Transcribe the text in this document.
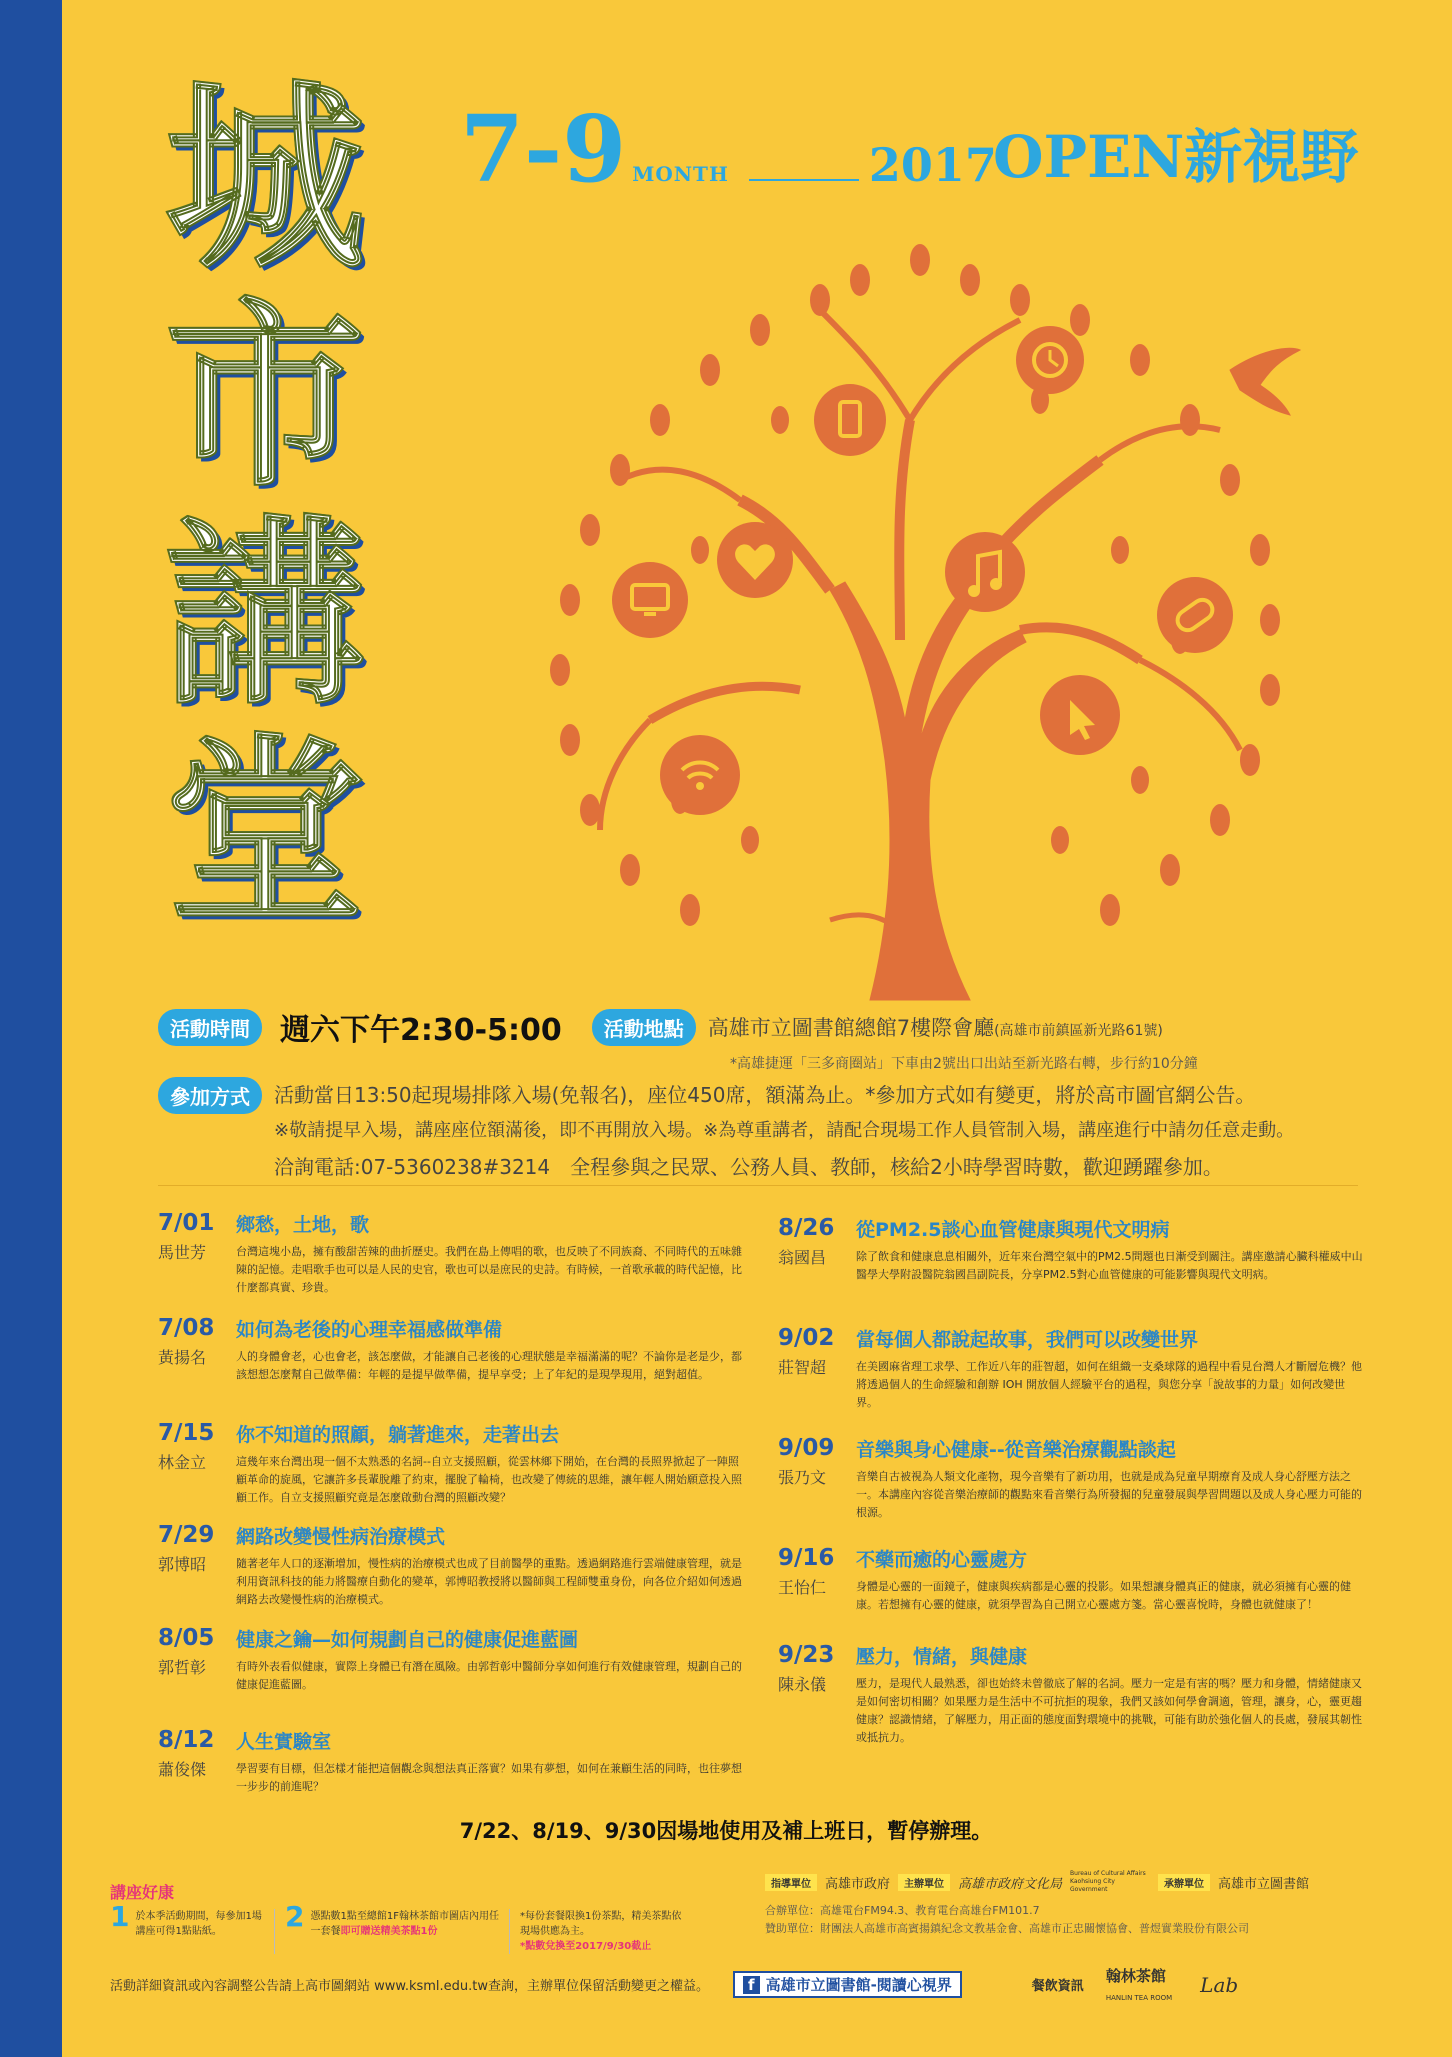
城
市
講
堂
7-9 MONTH	2017
OPEN新視野
活動時間	週六下午2:30-5:00	活動地點	高雄市立圖書館總館7樓際會廳(高雄市前鎮區新光路61號)
*高雄捷運「三多商圈站」下車由2號出口出站至新光路右轉，步行約10分鐘
參加方式	活動當日13:50起現場排隊入場(免報名)，座位450席，額滿為止。*參加方式如有變更，將於高市圖官網公告。
※敬請提早入場，講座座位額滿後，即不再開放入場。※為尊重講者，請配合現場工作人員管制入場，講座進行中請勿任意走動。
洽詢電話:07-5360238#3214　全程參與之民眾、公務人員、教師，核給2小時學習時數，歡迎踴躍參加。
7/01
馬世芳
鄉愁，土地，歌
台灣這塊小島，擁有酸甜苦辣的曲折歷史。我們在島上傳唱的歌，也反映了不同族裔、不同時代的五味雜陳的記憶。走唱歌手也可以是人民的史官，歌也可以是庶民的史詩。有時候，一首歌承載的時代記憶，比什麼都真實、珍貴。
7/08
黃揚名
如何為老後的心理幸福感做準備
人的身體會老，心也會老，該怎麼做，才能讓自己老後的心理狀態是幸福滿滿的呢？不論你是老是少，都該想想怎麼幫自己做準備：年輕的是提早做準備，提早享受；上了年紀的是現學現用，絕對超值。
7/15
林金立
你不知道的照顧，躺著進來，走著出去
這幾年來台灣出現一個不太熟悉的名詞--自立支援照顧，從雲林鄉下開始，在台灣的長照界掀起了一陣照顧革命的旋風，它讓許多長輩脫離了約束，擺脫了輪椅，也改變了傳統的思維，讓年輕人開始願意投入照顧工作。自立支援照顧究竟是怎麼啟動台灣的照顧改變？
7/29
郭博昭
網路改變慢性病治療模式
隨著老年人口的逐漸增加，慢性病的治療模式也成了目前醫學的重點。透過網路進行雲端健康管理，就是利用資訊科技的能力將醫療自動化的變革，郭博昭教授將以醫師與工程師雙重身份，向各位介紹如何透過網路去改變慢性病的治療模式。
8/05
郭哲彰
健康之鑰—如何規劃自己的健康促進藍圖
有時外表看似健康，實際上身體已有潛在風險。由郭哲彰中醫師分享如何進行有效健康管理，規劃自己的健康促進藍圖。
8/12
蕭俊傑
人生實驗室
學習要有目標，但怎樣才能把這個觀念與想法真正落實？如果有夢想，如何在兼顧生活的同時，也往夢想一步步的前進呢？
8/26
翁國昌
從PM2.5談心血管健康與現代文明病
除了飲食和健康息息相關外，近年來台灣空氣中的PM2.5問題也日漸受到關注。講座邀請心臟科權威中山醫學大學附設醫院翁國昌副院長，分享PM2.5對心血管健康的可能影響與現代文明病。
9/02
莊智超
當每個人都說起故事，我們可以改變世界
在美國麻省理工求學、工作近八年的莊智超，如何在組織一支桑球隊的過程中看見台灣人才斷層危機？他將透過個人的生命經驗和創辦 IOH 開放個人經驗平台的過程，與您分享「說故事的力量」如何改變世界。
9/09
張乃文
音樂與身心健康--從音樂治療觀點談起
音樂自古被視為人類文化產物，現今音樂有了新功用，也就是成為兒童早期療育及成人身心舒壓方法之一。本講座內容從音樂治療師的觀點來看音樂行為所發掘的兒童發展與學習問題以及成人身心壓力可能的根源。
9/16
王怡仁
不藥而癒的心靈處方
身體是心靈的一面鏡子，健康與疾病都是心靈的投影。如果想讓身體真正的健康，就必須擁有心靈的健康。若想擁有心靈的健康，就須學習為自己開立心靈處方箋。當心靈喜悅時，身體也就健康了！
9/23
陳永儀
壓力，情緒，與健康
壓力，是現代人最熟悉，卻也始終未曾徹底了解的名詞。壓力一定是有害的嗎？壓力和身體，情緒健康又是如何密切相關？如果壓力是生活中不可抗拒的現象，我們又該如何學會調適，管理，讓身，心，靈更趨健康？認識情緒，了解壓力，用正面的態度面對環境中的挑戰，可能有助於強化個人的長處，發展其韌性或抵抗力。
7/22、8/19、9/30因場地使用及補上班日，暫停辦理。
講座好康
1 於本季活動期間，每參加1場講座可得1點貼紙。	2 憑點數1點至總館1F翰林茶館市圖店內用任一套餐即可贈送精美茶點1份
*每份套餐限換1份茶點，精美茶點依現場供應為主。
*點數兌換至2017/9/30截止
指導單位	高雄市政府	主辦單位	高雄市政府文化局
Bureau of Cultural Affairs Kaohsiung City Government	承辦單位	高雄市立圖書館
合辦單位：高雄電台FM94.3、教育電台高雄台FM101.7
贊助單位：財團法人高雄市高賓揚鎮紀念文教基金會、高雄市正忠關懷協會、普煜實業股份有限公司
活動詳細資訊或內容調整公告請上高市圖網站 www.ksml.edu.tw查詢，主辦單位保留活動變更之權益。	f 高雄市立圖書館-閱讀心視界	餐飲資訊
翰林茶館
HANLIN TEA ROOM
Lab
